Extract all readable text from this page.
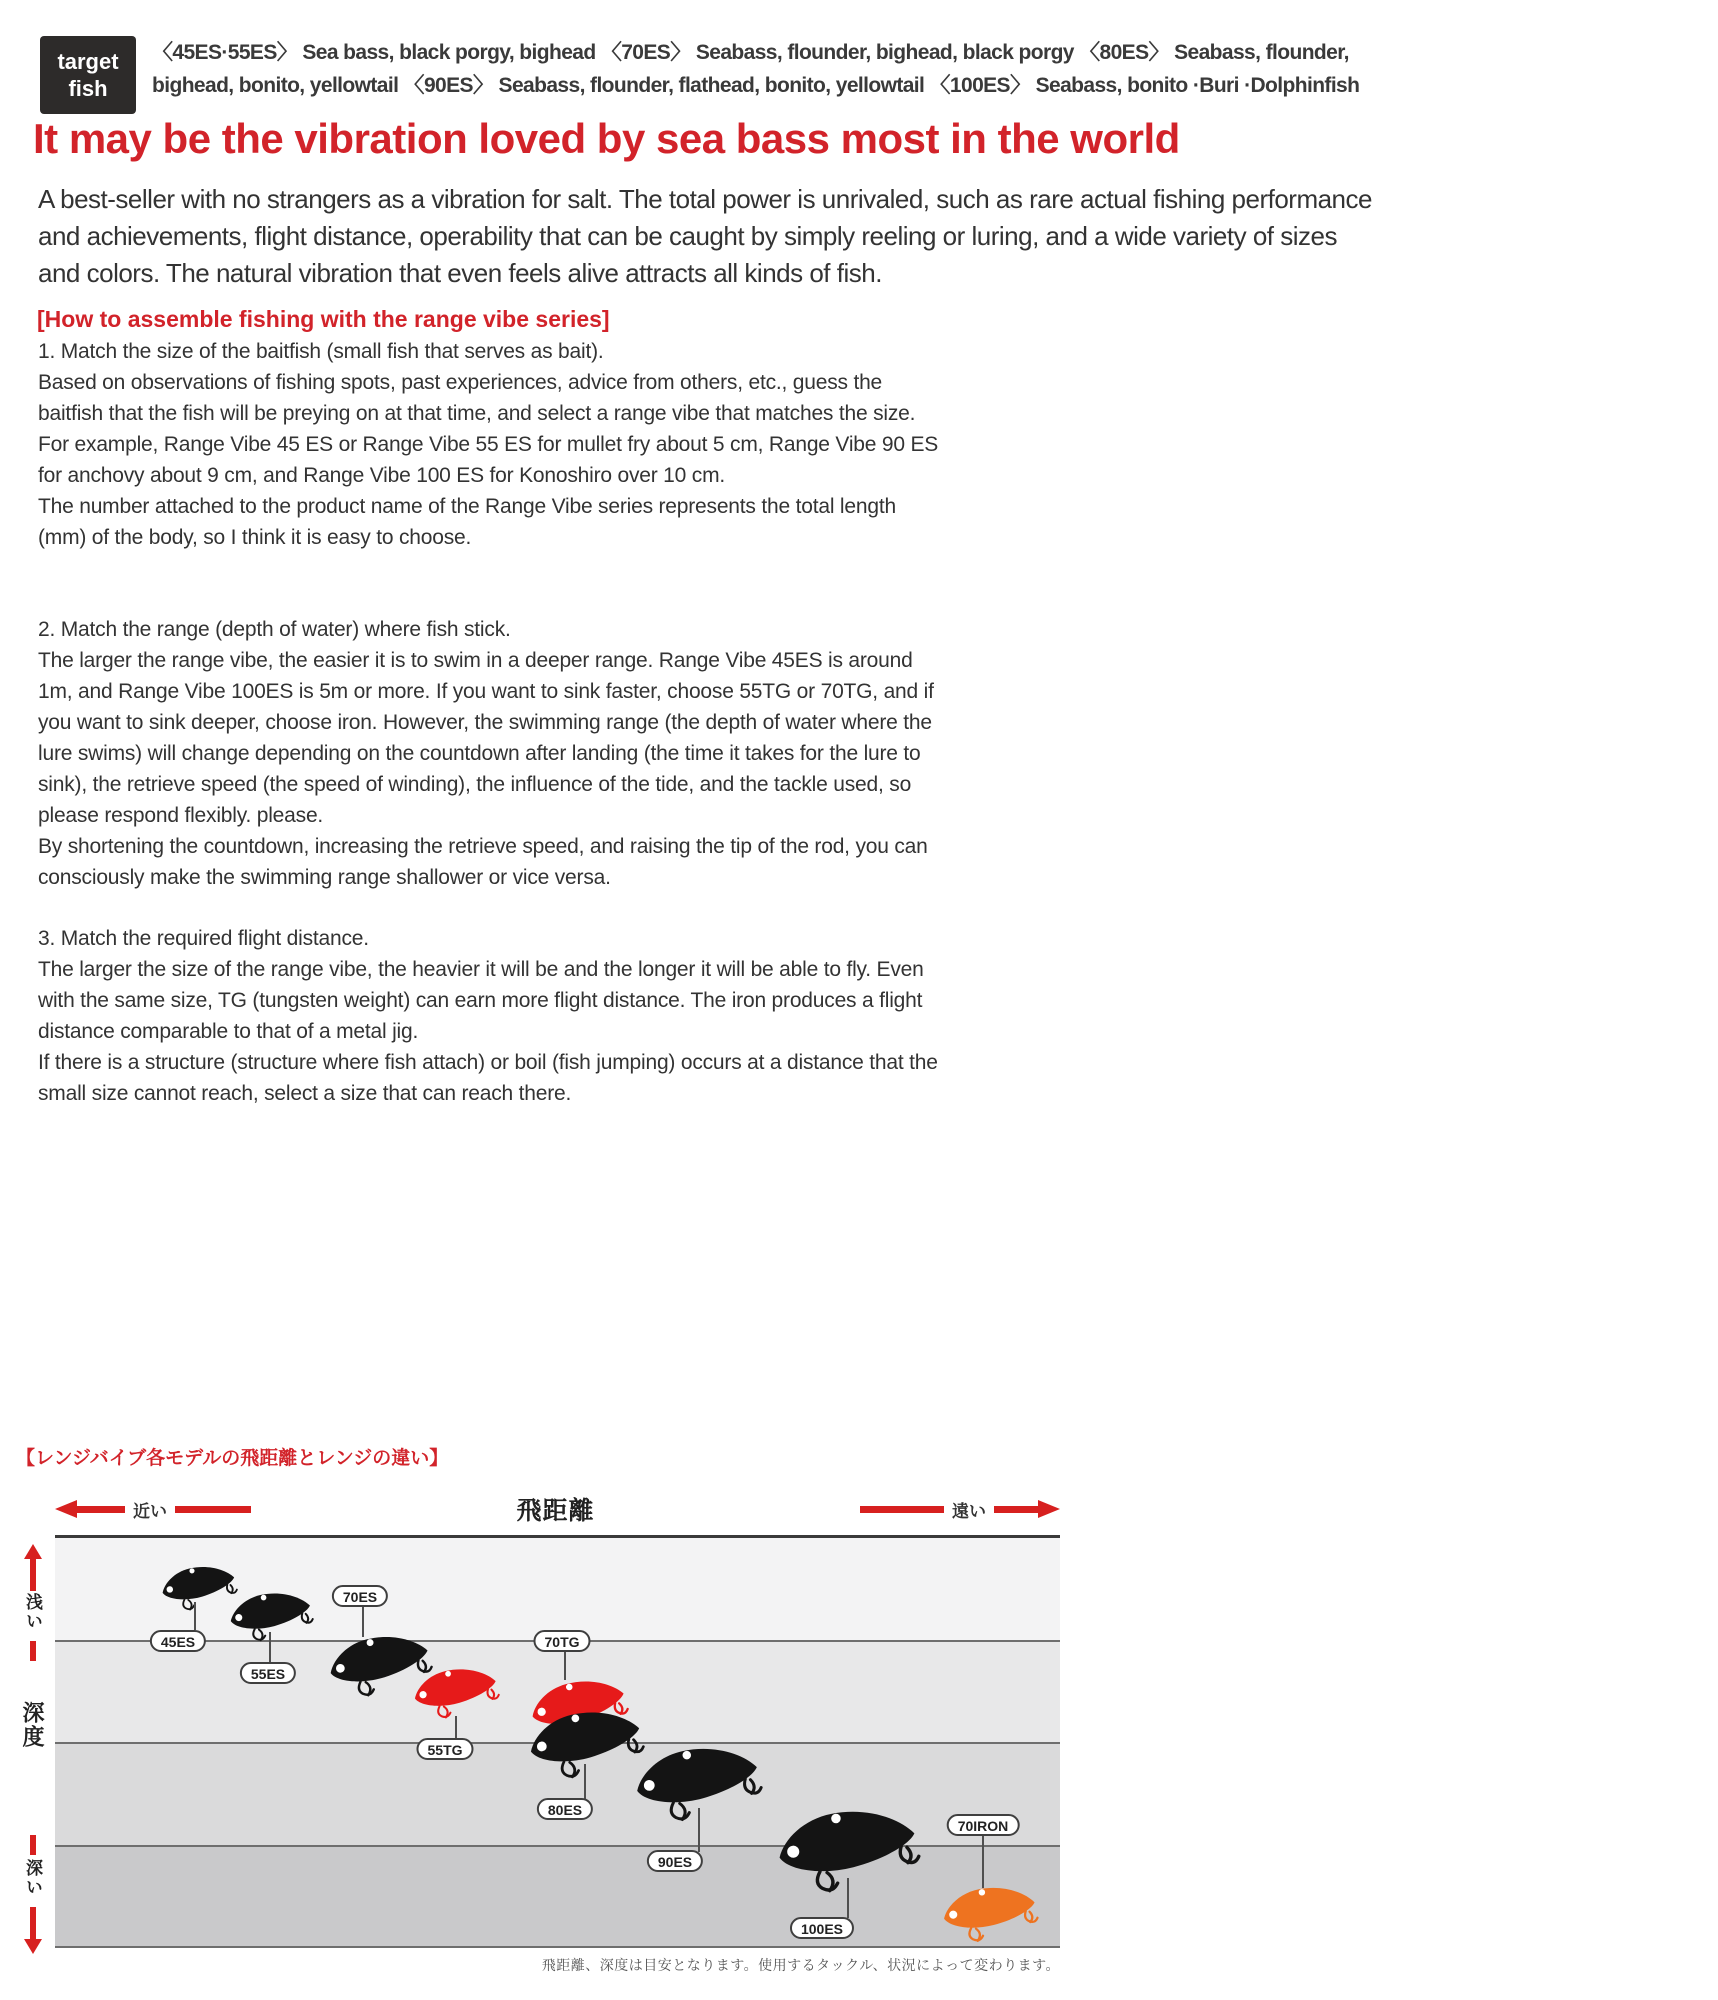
target
fish

〈45ES·55ES〉 Sea bass, black porgy, bighead 〈70ES〉 Seabass, flounder, bighead, black porgy 〈80ES〉 Seabass, flounder, bighead, bonito, yellowtail 〈90ES〉 Seabass, flounder, flathead, bonito, yellowtail 〈100ES〉 Seabass, bonito ·Buri ·Dolphinfish

It may be the vibration loved by sea bass most in the world

A best-seller with no strangers as a vibration for salt. The total power is unrivaled, such as rare actual fishing performance and achievements, flight distance, operability that can be caught by simply reeling or luring, and a wide variety of sizes and colors. The natural vibration that even feels alive attracts all kinds of fish.

[How to assemble fishing with the range vibe series]

1. Match the size of the baitfish (small fish that serves as bait).

Based on observations of fishing spots, past experiences, advice from others, etc., guess the baitfish that the fish will be preying on at that time, and select a range vibe that matches the size.

For example, Range Vibe 45 ES or Range Vibe 55 ES for mullet fry about 5 cm, Range Vibe 90 ES for anchovy about 9 cm, and Range Vibe 100 ES for Konoshiro over 10 cm.

The number attached to the product name of the Range Vibe series represents the total length (mm) of the body, so I think it is easy to choose.

2. Match the range (depth of water) where fish stick.

The larger the range vibe, the easier it is to swim in a deeper range. Range Vibe 45ES is around 1m, and Range Vibe 100ES is 5m or more. If you want to sink faster, choose 55TG or 70TG, and if you want to sink deeper, choose iron. However, the swimming range (the depth of water where the lure swims) will change depending on the countdown after landing (the time it takes for the lure to sink), the retrieve speed (the speed of winding), the influence of the tide, and the tackle used, so please respond flexibly. please.

By shortening the countdown, increasing the retrieve speed, and raising the tip of the rod, you can consciously make the swimming range shallower or vice versa.

3. Match the required flight distance.

The larger the size of the range vibe, the heavier it will be and the longer it will be able to fly. Even with the same size, TG (tungsten weight) can earn more flight distance. The iron produces a flight distance comparable to that of a metal jig.

If there is a structure (structure where fish attach) or boil (fish jumping) occurs at a distance that the small size cannot reach, select a size that can reach there.

【レンジバイブ各モデルの飛距離とレンジの違い】
近い	飛距離	遠い
浅い
深度
深い
45ES
55ES
70ES
70TG
55TG
80ES
90ES
100ES
70IRON

飛距離、深度は目安となります。使用するタックル、状況によって変わります。
